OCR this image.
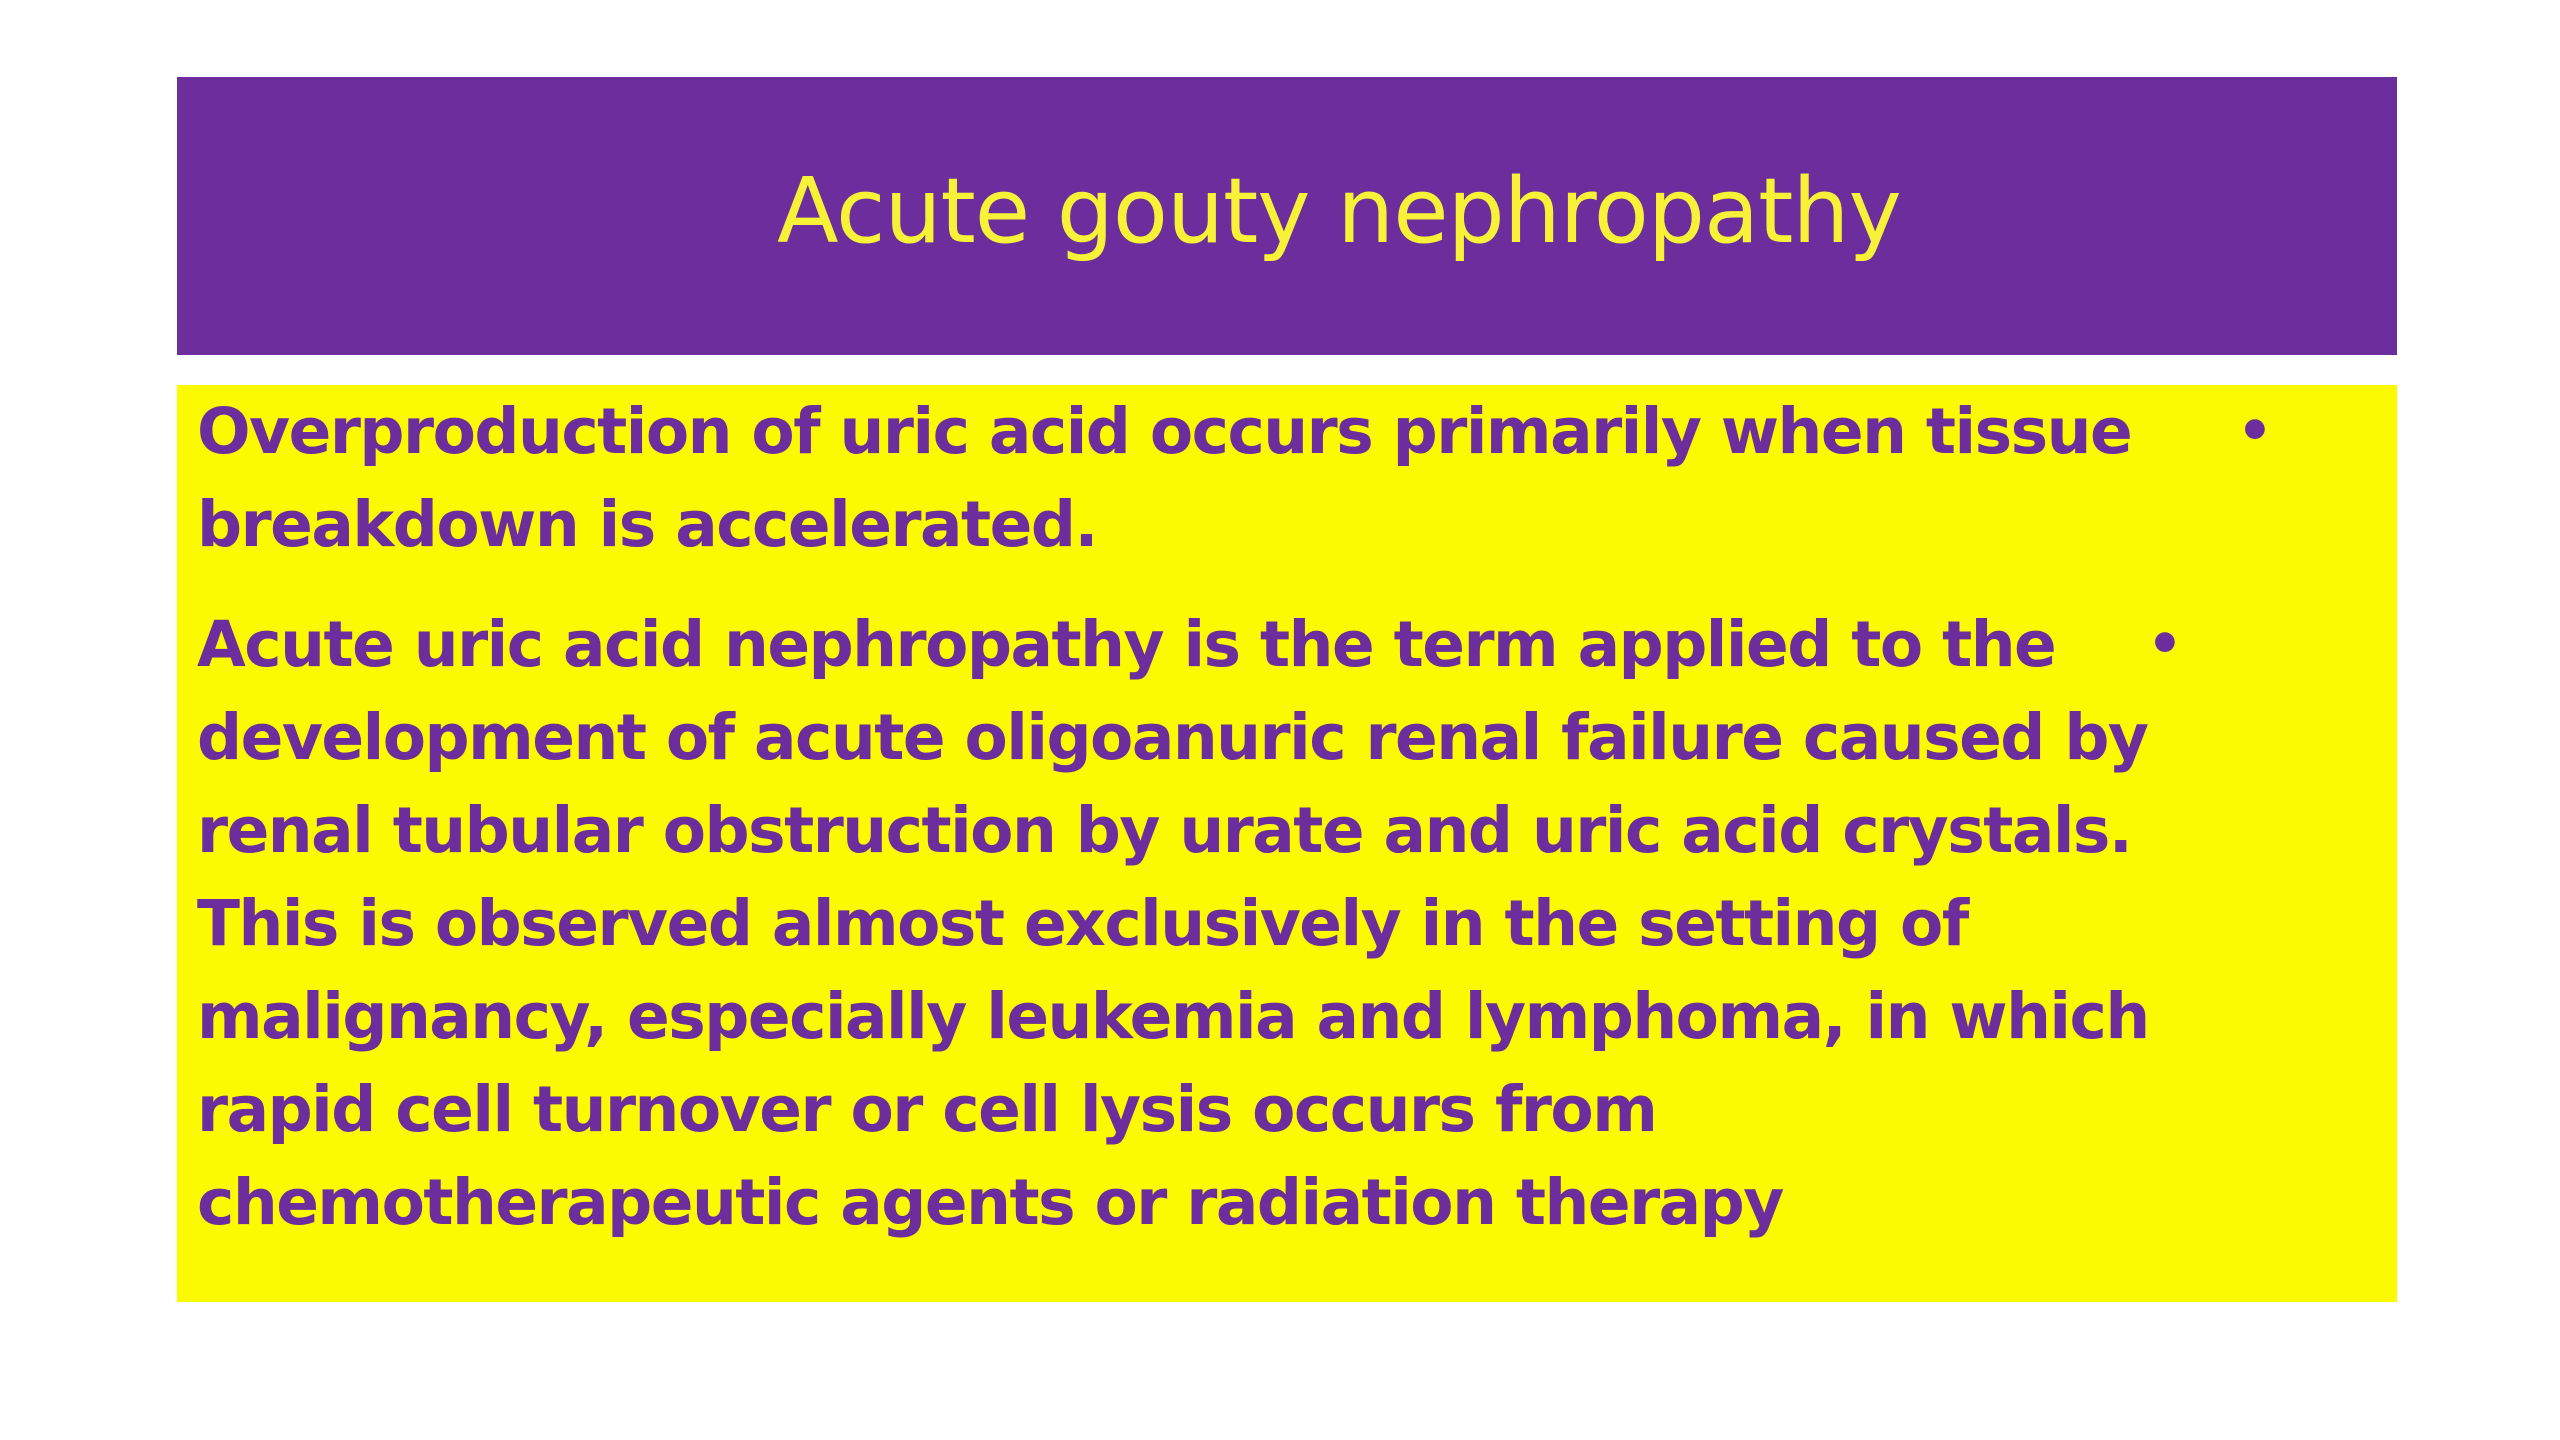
Acute gouty nephropathy
Overproduction of uric acid occurs primarily when tissue
breakdown is accelerated.
•
Acute uric acid nephropathy is the term applied to the
development of acute oligoanuric renal failure caused by
renal tubular obstruction by urate and uric acid crystals.
This is observed almost exclusively in the setting of
malignancy, especially leukemia and lymphoma, in which
rapid cell turnover or cell lysis occurs from
chemotherapeutic agents or radiation therapy
•
